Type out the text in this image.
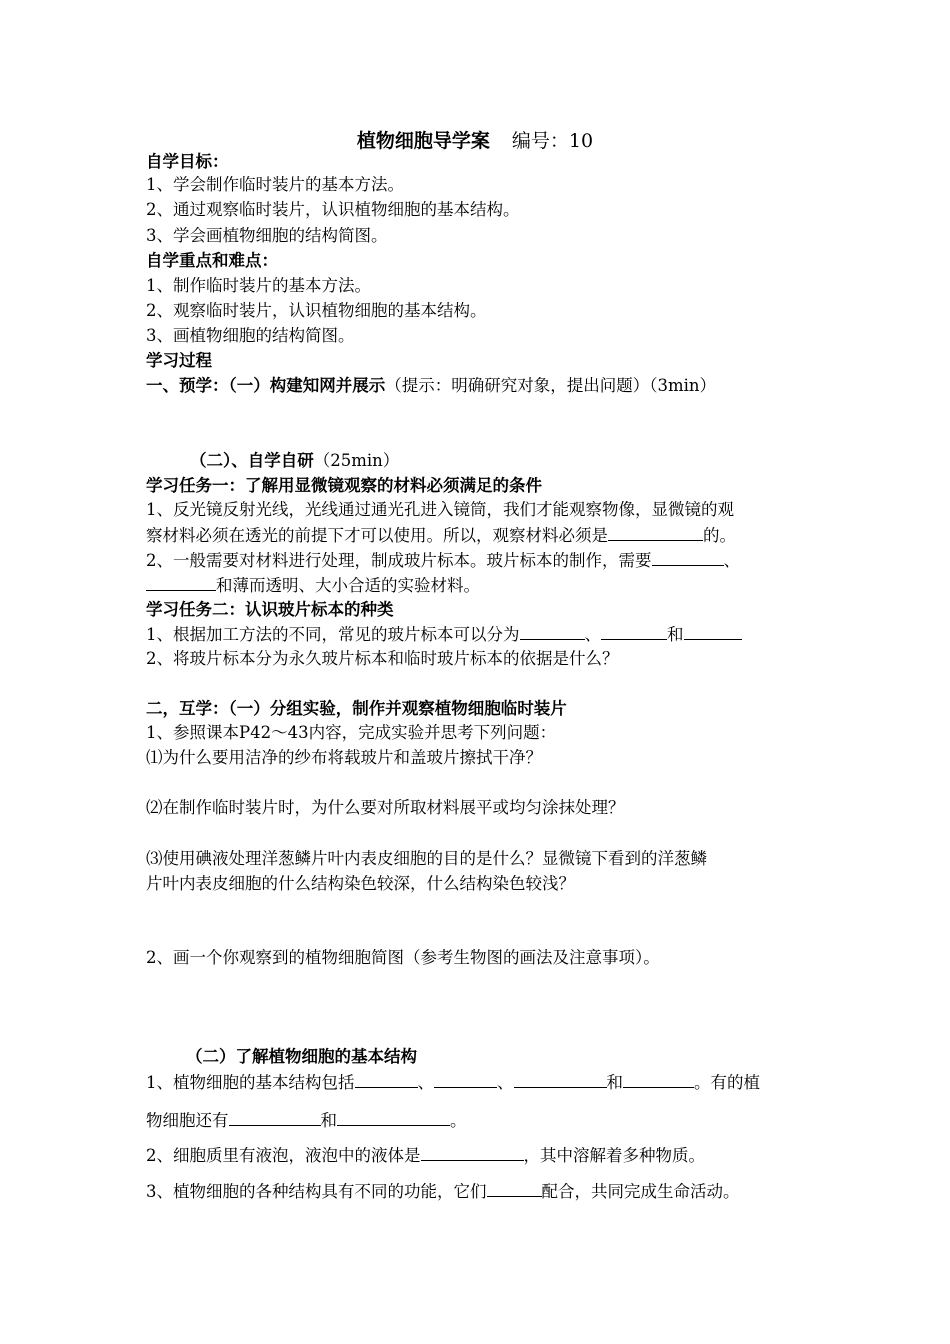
植物细胞导学案 编号：10
自学目标：
1、学会制作临时装片的基本方法。
2、通过观察临时装片，认识植物细胞的基本结构。
3、学会画植物细胞的结构简图。
自学重点和难点：
1、制作临时装片的基本方法。
2、观察临时装片，认识植物细胞的基本结构。
3、画植物细胞的结构简图。
学习过程
一、预学：（一）构建知网并展示（提示：明确研究对象，提出问题）（3min）
（二）、自学自研（25min）
学习任务一：了解用显微镜观察的材料必须满足的条件
1、反光镜反射光线，光线通过通光孔进入镜筒，我们才能观察物像，显微镜的观
察材料必须在透光的前提下才可以使用。所以，观察材料必须是	的。
2、一般需要对材料进行处理，制成玻片标本。玻片标本的制作，需要	、
和薄而透明、大小合适的实验材料。
学习任务二：认识玻片标本的种类
1、根据加工方法的不同，常见的玻片标本可以分为	、	和
2、将玻片标本分为永久玻片标本和临时玻片标本的依据是什么？
二，互学：（一）分组实验，制作并观察植物细胞临时装片
1、参照课本P42～43内容，完成实验并思考下列问题：
⑴为什么要用洁净的纱布将载玻片和盖玻片擦拭干净？
⑵在制作临时装片时，为什么要对所取材料展平或均匀涂抹处理？
⑶使用碘液处理洋葱鳞片叶内表皮细胞的目的是什么？显微镜下看到的洋葱鳞
片叶内表皮细胞的什么结构染色较深，什么结构染色较浅？
2、画一个你观察到的植物细胞简图（参考生物图的画法及注意事项）。
（二）了解植物细胞的基本结构
1、植物细胞的基本结构包括	、	、	和	。有的植
物细胞还有	和	。
2、细胞质里有液泡，液泡中的液体是	，其中溶解着多种物质。
3、植物细胞的各种结构具有不同的功能，它们	配合，共同完成生命活动。
